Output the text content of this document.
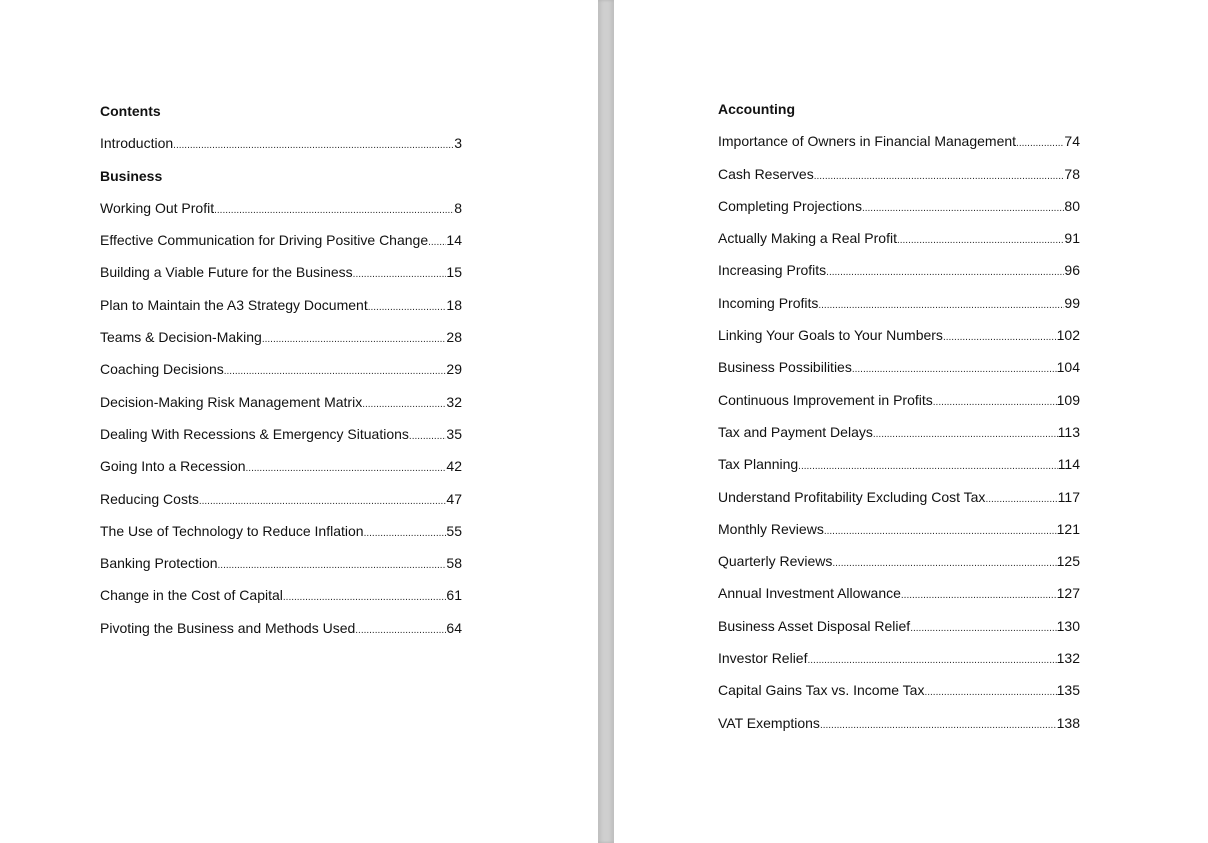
Contents
Introduction .....	3
Business
Working Out Profit .....	8
Effective Communication for Driving Positive Change ..... 14
Building a Viable Future for the Business .....	15
Plan to Maintain the A3 Strategy Document .....	18
Teams & Decision-Making .....	28
Coaching Decisions .....	29
Decision-Making Risk Management Matrix .....	32
Dealing With Recessions & Emergency Situations .....	35
Going Into a Recession .....	42
Reducing Costs .....	47
The Use of Technology to Reduce Inflation .....	55
Banking Protection .....	58
Change in the Cost of Capital .....	61
Pivoting the Business and Methods Used .....	64
Accounting
Importance of Owners in Financial Management .....	74
Cash Reserves .....	78
Completing Projections .....	80
Actually Making a Real Profit .....	91
Increasing Profits .....	96
Incoming Profits .....	99
Linking Your Goals to Your Numbers .....	102
Business Possibilities .....	104
Continuous Improvement in Profits .....	109
Tax and Payment Delays .....	113
Tax Planning .....	114
Understand Profitability Excluding Cost Tax .....	117
Monthly Reviews .....	121
Quarterly Reviews .....	125
Annual Investment Allowance .....	127
Business Asset Disposal Relief .....	130
Investor Relief .....	132
Capital Gains Tax vs. Income Tax .....	135
VAT Exemptions .....	138
